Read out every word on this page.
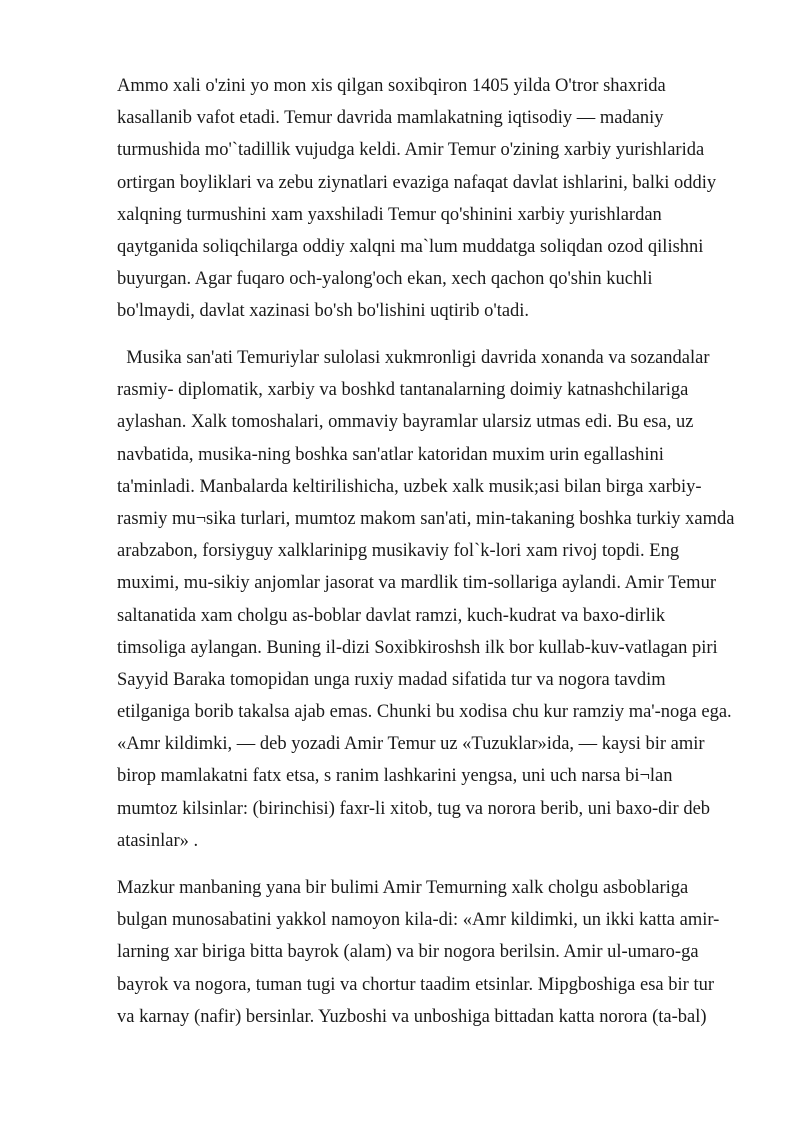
Ammo xali o'zini yo mon xis qilgan soxibqiron 1405 yilda O'tror shaxrida
kasallanib vafot etadi. Temur davrida mamlakatning iqtisodiy — madaniy
turmushida mo'`tadillik vujudga keldi. Amir Temur o'zining xarbiy yurishlarida
ortirgan boyliklari va zebu ziynatlari evaziga nafaqat davlat ishlarini, balki oddiy
xalqning turmushini xam yaxshiladi Temur qo'shinini xarbiy yurishlardan
qaytganida soliqchilarga oddiy xalqni ma`lum muddatga soliqdan ozod qilishni
buyurgan. Agar fuqaro och-yalong'och ekan, xech qachon qo'shin kuchli
bo'lmaydi, davlat xazinasi bo'sh bo'lishini uqtirib o'tadi.
Musika san'ati Temuriylar sulolasi xukmronligi davrida xonanda va sozandalar
rasmiy- diplomatik, xarbiy va boshkd tantanalarning doimiy katnashchilariga
aylashan. Xalk tomoshalari, ommaviy bayramlar ularsiz utmas edi. Bu esa, uz
navbatida, musika-ning boshka san'atlar katoridan muxim urin egallashini
ta'minladi. Manbalarda keltirilishicha, uzbek xalk musik;asi bilan birga xarbiy-
rasmiy mu¬sika turlari, mumtoz makom san'ati, min-takaning boshka turkiy xamda
arabzabon, forsiyguy xalklarinipg musikaviy fol`k-lori xam rivoj topdi. Eng
muximi, mu-sikiy anjomlar jasorat va mardlik tim-sollariga aylandi. Amir Temur
saltanatida xam cholgu as-boblar davlat ramzi, kuch-kudrat va baxo-dirlik
timsoliga aylangan. Buning il-dizi Soxibkiroshsh ilk bor kullab-kuv-vatlagan piri
Sayyid Baraka tomopidan unga ruxiy madad sifatida tur va nogora tavdim
etilganiga borib takalsa ajab emas. Chunki bu xodisa chu kur ramziy ma'-noga ega.
«Amr kildimki, — deb yozadi Amir Temur uz «Tuzuklar»ida, — kaysi bir amir
birop mamlakatni fatx etsa, s ranim lashkarini yengsa, uni uch narsa bi¬lan
mumtoz kilsinlar: (birinchisi) faxr-li xitob, tug va norora berib, uni baxo-dir deb
atasinlar» .
Mazkur manbaning yana bir bulimi Amir Temurning xalk cholgu asboblariga
bulgan munosabatini yakkol namoyon kila-di: «Amr kildimki, un ikki katta amir-
larning xar biriga bitta bayrok (alam) va bir nogora berilsin. Amir ul-umaro-ga
bayrok va nogora, tuman tugi va chortur taadim etsinlar. Mipgboshiga esa bir tur
va karnay (nafir) bersinlar. Yuzboshi va unboshiga bittadan katta norora (ta-bal)
